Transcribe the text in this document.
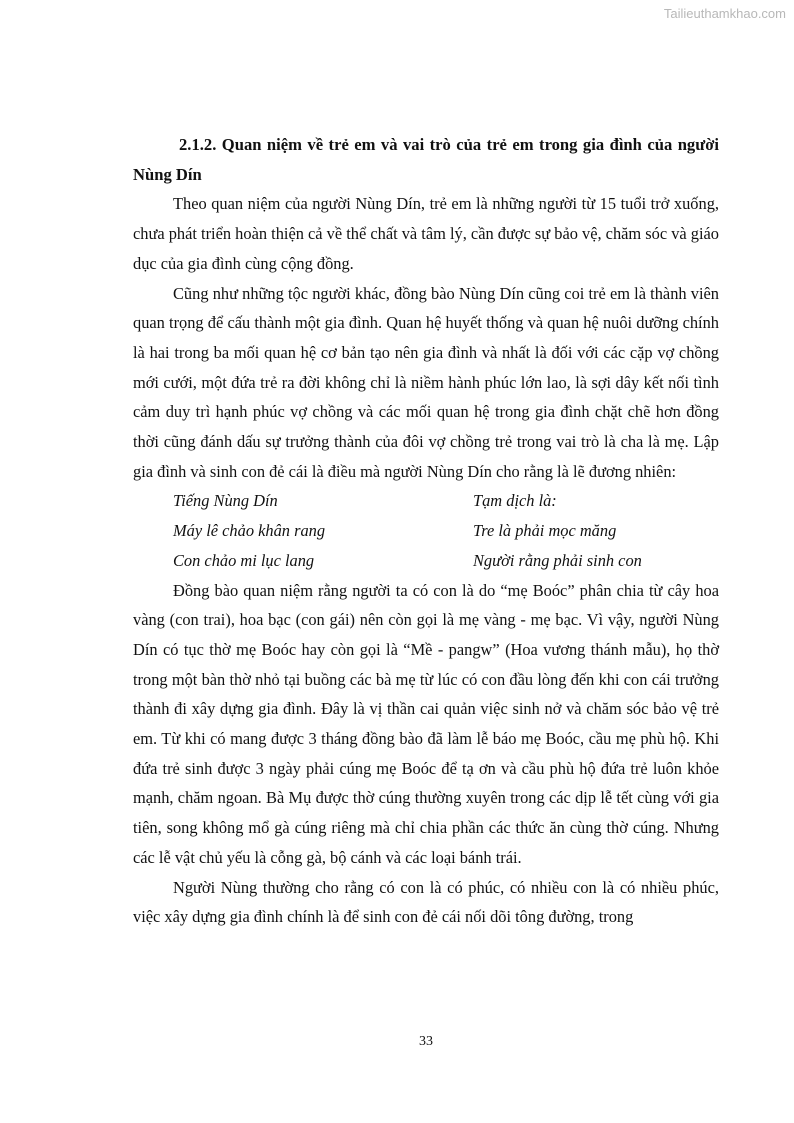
Tailieuthamkhao.com

2.1.2. Quan niệm về trẻ em và vai trò của trẻ em trong gia đình của người Nùng Dín

Theo quan niệm của người Nùng Dín, trẻ em là những người từ 15 tuổi trở xuống, chưa phát triển hoàn thiện cả về thể chất và tâm lý, cần được sự bảo vệ, chăm sóc và giáo dục của gia đình cùng cộng đồng.

Cũng như những tộc người khác, đồng bào Nùng Dín cũng coi trẻ em là thành viên quan trọng để cấu thành một gia đình. Quan hệ huyết thống và quan hệ nuôi dưỡng chính là hai trong ba mối quan hệ cơ bản tạo nên gia đình và nhất là đối với các cặp vợ chồng mới cưới, một đứa trẻ ra đời không chỉ là niềm hành phúc lớn lao, là sợi dây kết nối tình cảm duy trì hạnh phúc vợ chồng và các mối quan hệ trong gia đình chặt chẽ hơn đồng thời cũng đánh dấu sự trưởng thành của đôi vợ chồng trẻ trong vai trò là cha là mẹ. Lập gia đình và sinh con đẻ cái là điều mà người Nùng Dín cho rằng là lẽ đương nhiên:

Tiếng Nùng Dín	Tạm dịch là:
Máy lê chảo khân rang	Tre là phải mọc măng
Con chảo mi lục lang	Người rằng phải sinh con

Đồng bào quan niệm rằng người ta có con là do “mẹ Boóc” phân chia từ cây hoa vàng (con trai), hoa bạc (con gái) nên còn gọi là mẹ vàng - mẹ bạc. Vì vậy, người Nùng Dín có tục thờ mẹ Boóc hay còn gọi là “Mề - pangw” (Hoa vương thánh mẫu), họ thờ trong một bàn thờ nhỏ tại buồng các bà mẹ từ lúc có con đầu lòng đến khi con cái trưởng thành đi xây dựng gia đình. Đây là vị thần cai quản việc sinh nở và chăm sóc bảo vệ trẻ em. Từ khi có mang được 3 tháng đồng bào đã làm lễ báo mẹ Boóc, cầu mẹ phù hộ. Khi đứa trẻ sinh được 3 ngày phải cúng mẹ Boóc để tạ ơn và cầu phù hộ đứa trẻ luôn khỏe mạnh, chăm ngoan. Bà Mụ được thờ cúng thường xuyên trong các dịp lễ tết cùng với gia tiên, song không mổ gà cúng riêng mà chỉ chia phần các thức ăn cùng thờ cúng. Nhưng các lễ vật chủ yếu là cỗng gà, bộ cánh và các loại bánh trái.

Người Nùng thường cho rằng có con là có phúc, có nhiều con là có nhiều phúc, việc xây dựng gia đình chính là để sinh con đẻ cái nối dõi tông đường, trong

33
